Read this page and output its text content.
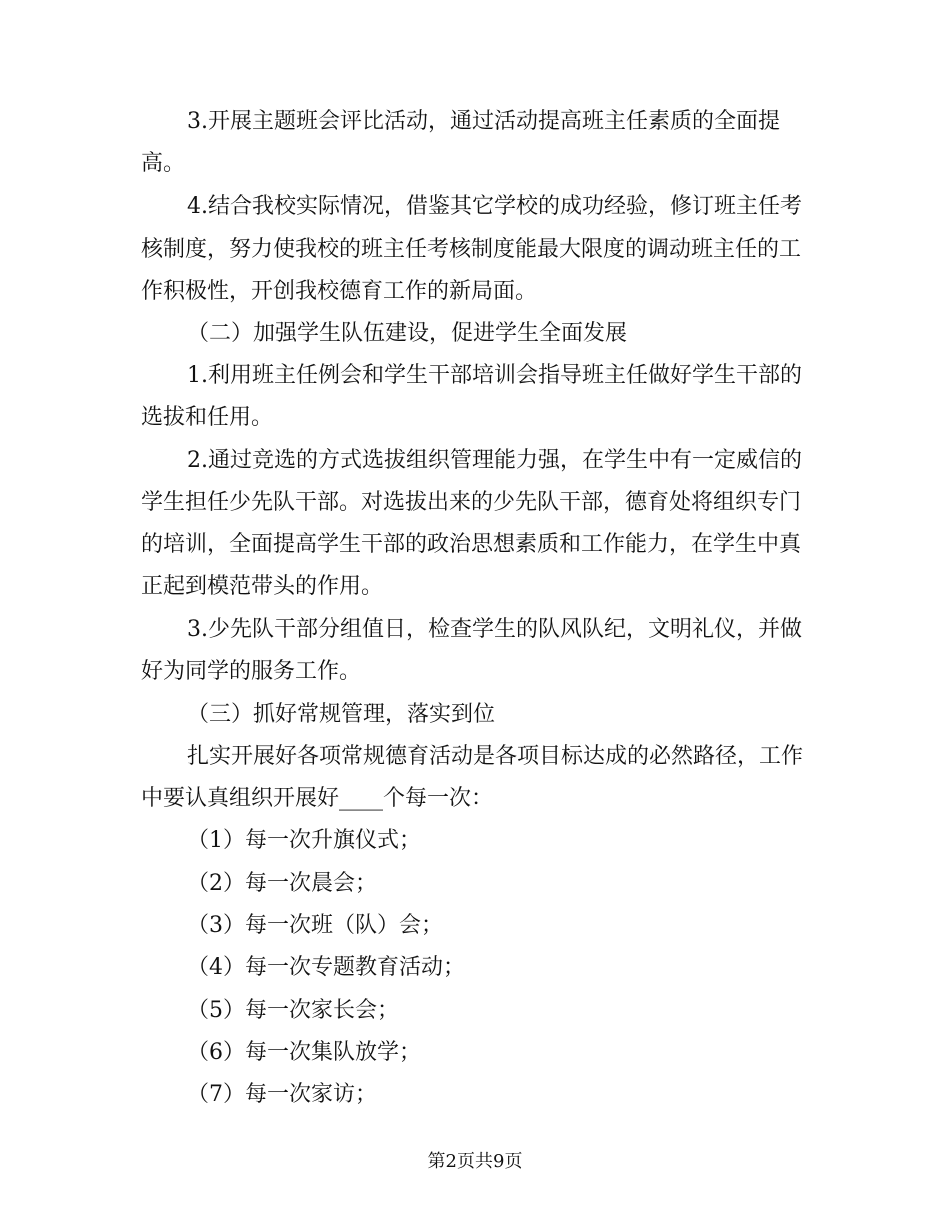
3.开展主题班会评比活动，通过活动提高班主任素质的全面提
高。
4.结合我校实际情况，借鉴其它学校的成功经验，修订班主任考
核制度，努力使我校的班主任考核制度能最大限度的调动班主任的工
作积极性，开创我校德育工作的新局面。
（二）加强学生队伍建设，促进学生全面发展
1.利用班主任例会和学生干部培训会指导班主任做好学生干部的
选拔和任用。
2.通过竞选的方式选拔组织管理能力强，在学生中有一定威信的
学生担任少先队干部。对选拔出来的少先队干部，德育处将组织专门
的培训，全面提高学生干部的政治思想素质和工作能力，在学生中真
正起到模范带头的作用。
3.少先队干部分组值日，检查学生的队风队纪，文明礼仪，并做
好为同学的服务工作。
（三）抓好常规管理，落实到位
扎实开展好各项常规德育活动是各项目标达成的必然路径，工作
中要认真组织开展好____个每一次：
（1）每一次升旗仪式；
（2）每一次晨会；
（3）每一次班（队）会；
（4）每一次专题教育活动；
（5）每一次家长会；
（6）每一次集队放学；
（7）每一次家访；
第2页共9页
